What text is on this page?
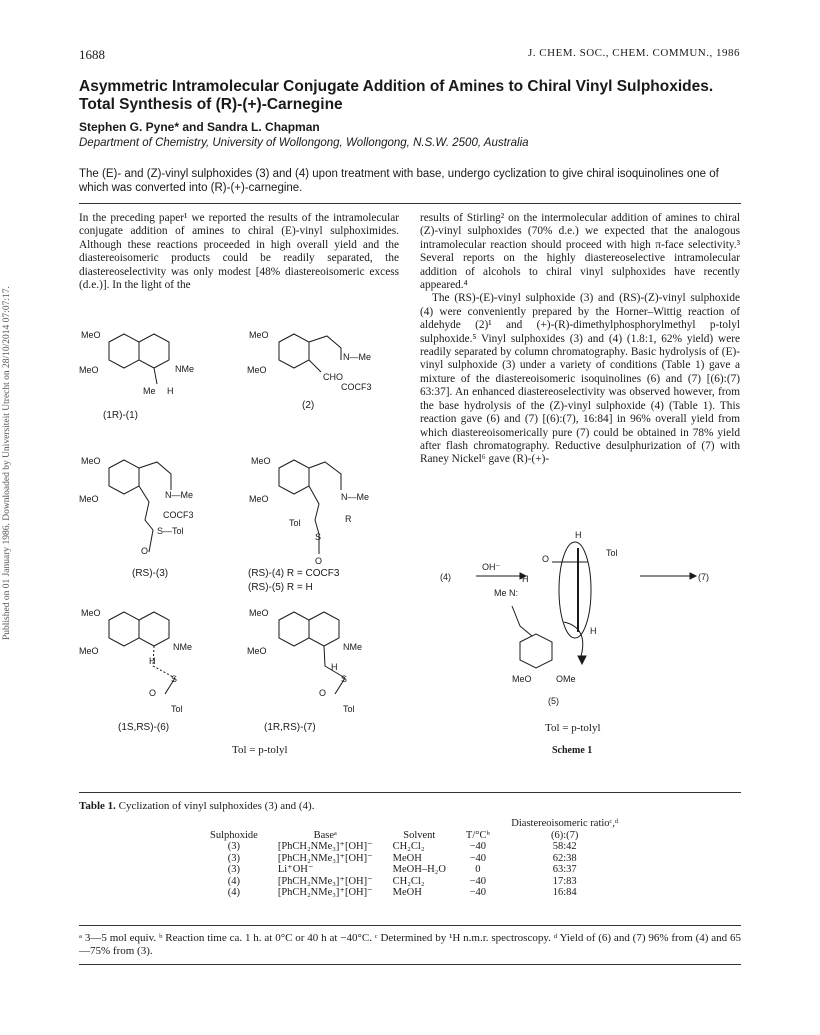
Published on 01 January 1986. Downloaded by Universiteit Utrecht on 28/10/2014 07:07:17.
1688	J. CHEM. SOC., CHEM. COMMUN., 1986
Asymmetric Intramolecular Conjugate Addition of Amines to Chiral Vinyl Sulphoxides. Total Synthesis of (R)-(+)-Carnegine
Stephen G. Pyne* and Sandra L. Chapman
Department of Chemistry, University of Wollongong, Wollongong, N.S.W. 2500, Australia
The (E)- and (Z)-vinyl sulphoxides (3) and (4) upon treatment with base, undergo cyclization to give chiral isoquinolines one of which was converted into (R)-(+)-carnegine.
In the preceding paper¹ we reported the results of the intramolecular conjugate addition of amines to chiral (E)-vinyl sulphoximides. Although these reactions proceeded in high overall yield and the diastereoisomeric products could be readily separated, the diastereoselectivity was only modest [48% diastereoisomeric excess (d.e.)]. In the light of the
results of Stirling² on the intermolecular addition of amines to chiral (Z)-vinyl sulphoxides (70% d.e.) we expected that the analogous intramolecular reaction should proceed with high π-face selectivity.³ Several reports on the highly diastereoselective intramolecular addition of alcohols to chiral vinyl sulphoxides have recently appeared.⁴
The (RS)-(E)-vinyl sulphoxide (3) and (RS)-(Z)-vinyl sulphoxide (4) were conveniently prepared by the Horner–Wittig reaction of aldehyde (2)¹ and (+)-(R)-dimethylphosphorylmethyl p-tolyl sulphoxide.⁵ Vinyl sulphoxides (3) and (4) (1.8:1, 62% yield) were readily separated by column chromatography. Basic hydrolysis of (E)-vinyl sulphoxide (3) under a variety of conditions (Table 1) gave a mixture of the diastereoisomeric isoquinolines (6) and (7) [(6):(7) 63:37]. An enhanced diastereoselectivity was observed however, from the base hydrolysis of the (Z)-vinyl sulphoxide (4) (Table 1). This reaction gave (6) and (7) [(6):(7), 16:84] in 96% overall yield from which diastereoisomerically pure (7) could be obtained in 78% yield after flash chromatography. Reductive desulphurization of (7) with Raney Nickel⁶ gave (R)-(+)-
MeO
MeO	NMe
Me H
MeO
MeO
CHO
N—Me
COCF3
MeO
MeO	N—Me
COCF3
S—Tol
O
MeO
MeO	N—Me
R
Tol
S
O
MeO
MeO	NMe
H
S
O
Tol
MeO
MeO	NMe
H
S
O
Tol
(1R)-(1)
(2)
(RS)-(3)	(RS)-(4) R = COCF3
(RS)-(5) R = H
(1S,RS)-(6)	(1R,RS)-(7)
Tol = p-tolyl
(4)
OH⁻
(7)
H
O
Tol
H
Me N:
H
MeO	OMe
(5)
Tol = p-tolyl
Scheme 1
Table 1. Cyclization of vinyl sulphoxides (3) and (4).
Sulphoxide	Baseᵃ	Solvent	T/°Cᵇ	Diastereoisomeric ratioᶜ,ᵈ (6):(7)
(3)	[PhCH₂NMe₃]⁺[OH]⁻	CH₂Cl₂	−40	58:42
(3)	[PhCH₂NMe₃]⁺[OH]⁻	MeOH	−40	62:38
(3)	Li⁺OH⁻	MeOH–H₂O	0	63:37
(4)	[PhCH₂NMe₃]⁺[OH]⁻	CH₂Cl₂	−40	17:83
(4)	[PhCH₂NMe₃]⁺[OH]⁻	MeOH	−40	16:84
ᵃ 3—5 mol equiv. ᵇ Reaction time ca. 1 h. at 0°C or 40 h at −40°C. ᶜ Determined by ¹H n.m.r. spectroscopy. ᵈ Yield of (6) and (7) 96% from (4) and 65—75% from (3).
